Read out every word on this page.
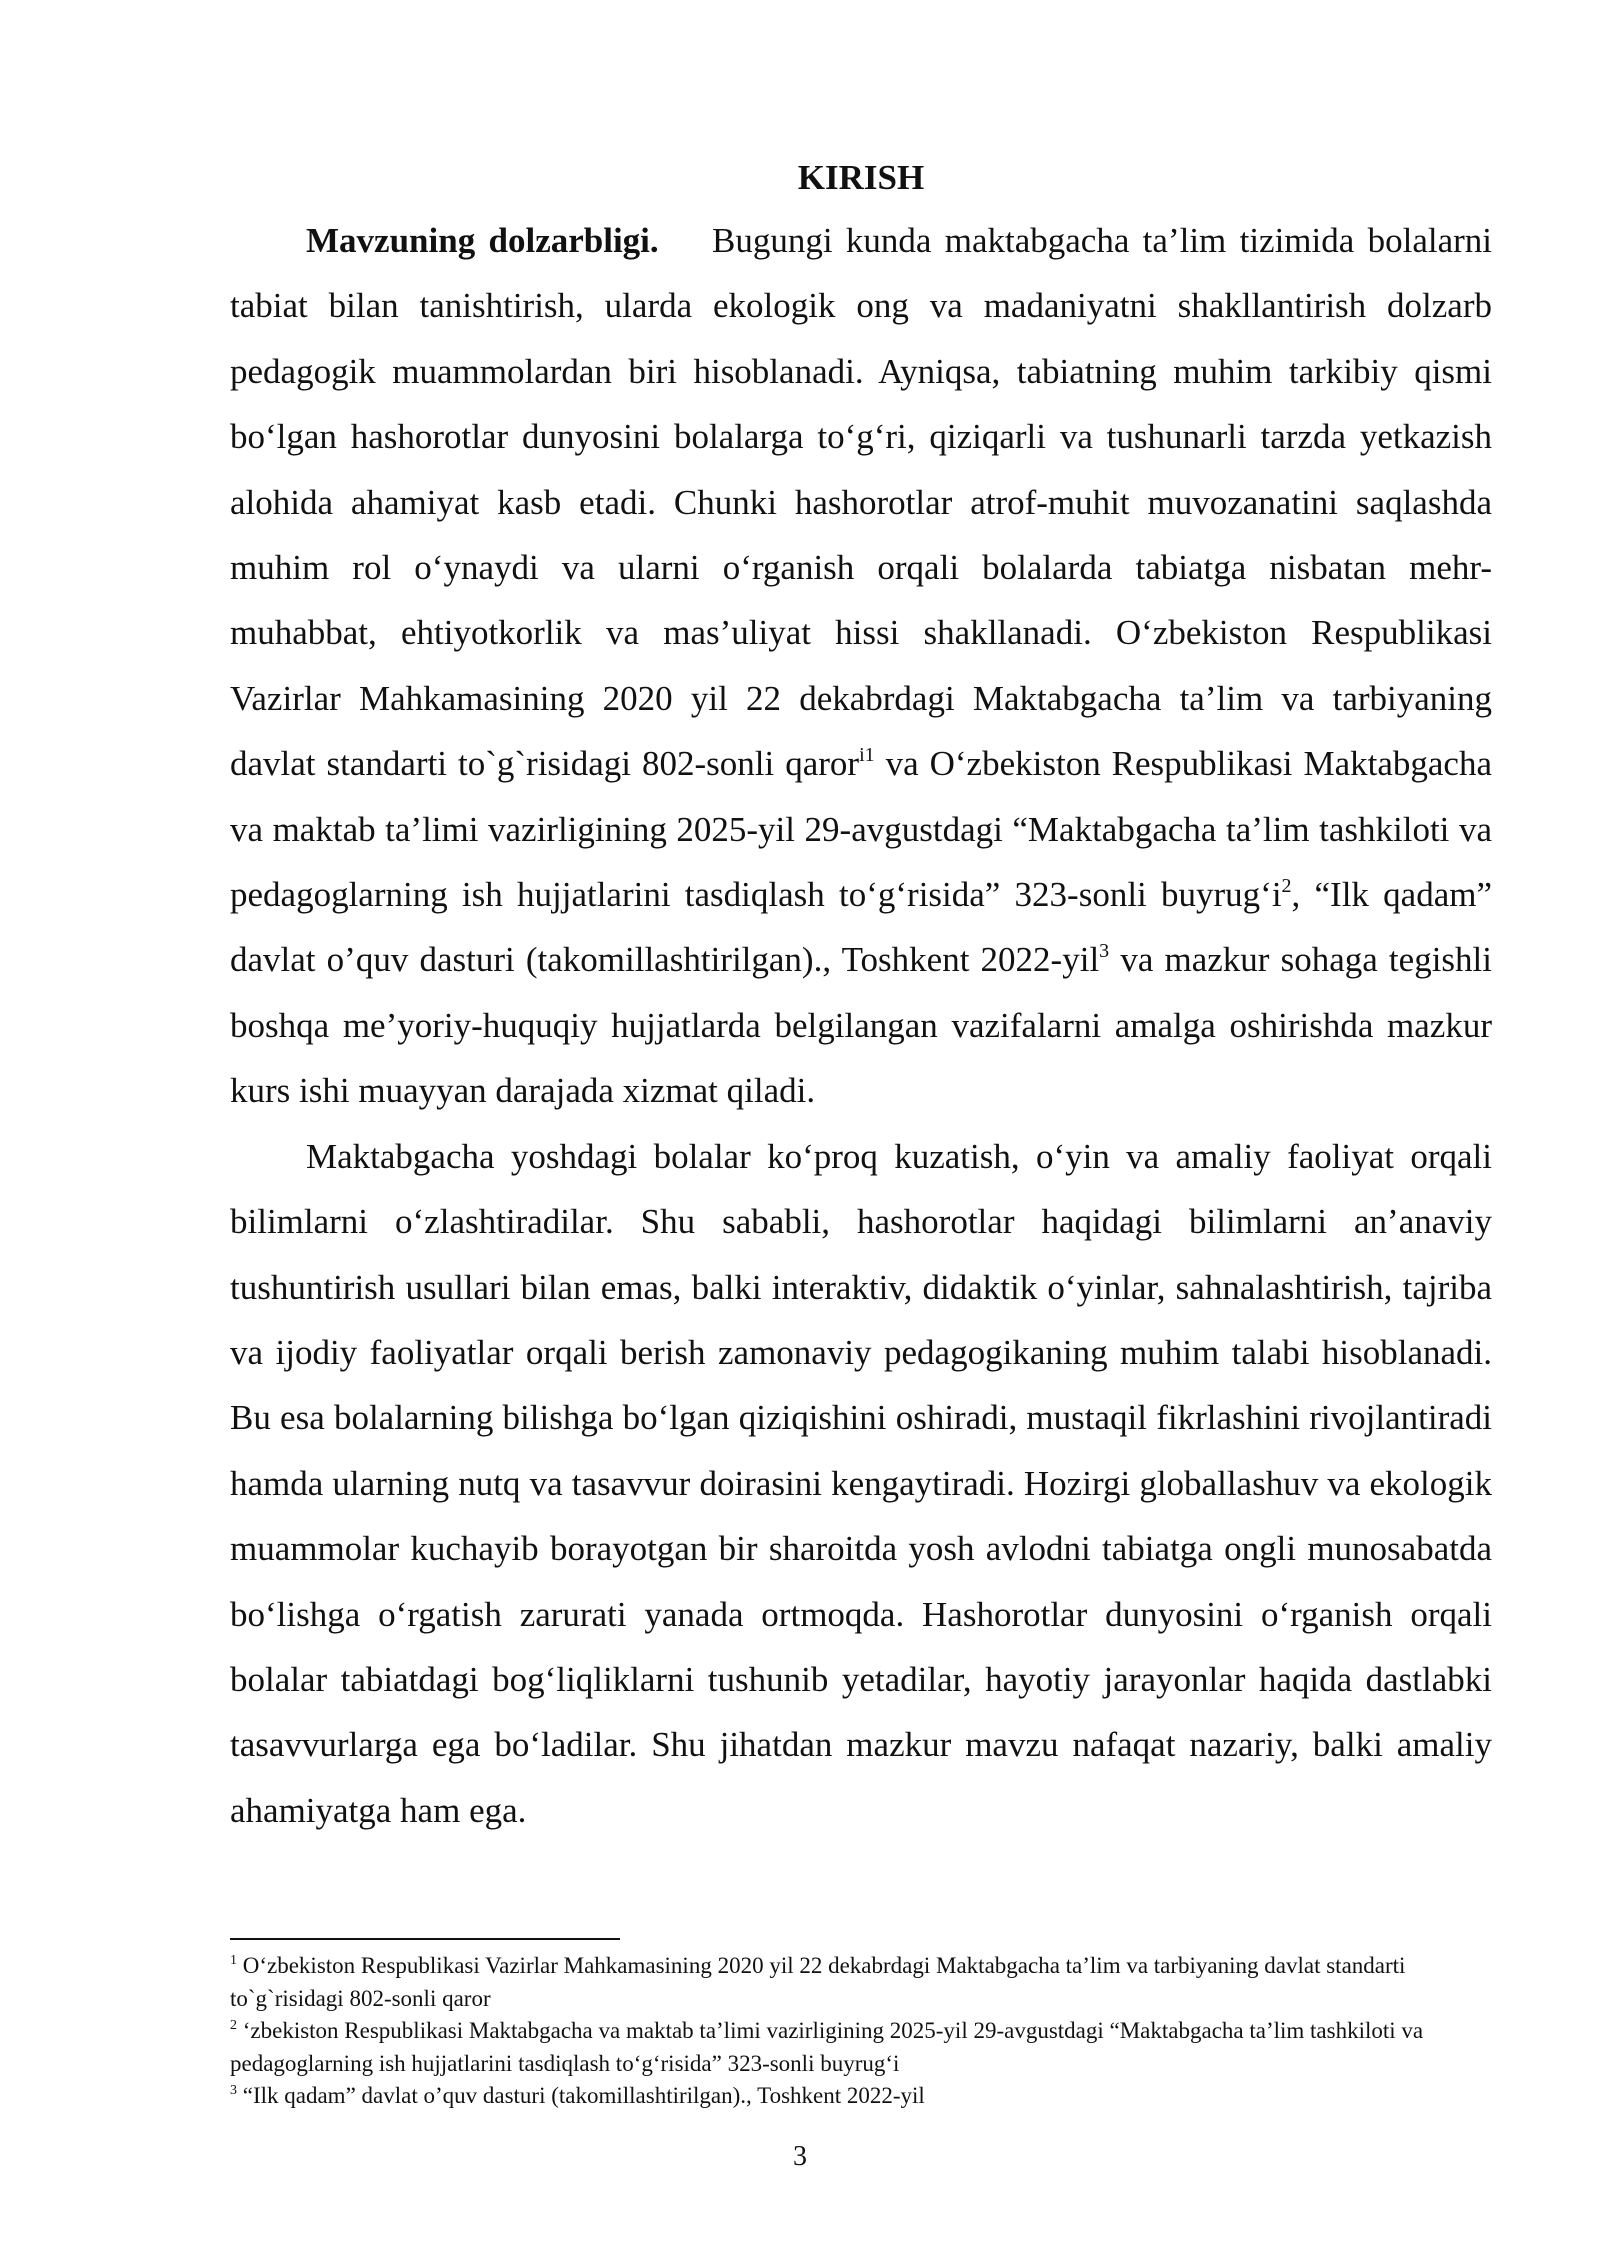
KIRISH

Mavzuning dolzarbligi. Bugungi kunda maktabgacha ta’lim tizimida bolalarni tabiat bilan tanishtirish, ularda ekologik ong va madaniyatni shakllantirish dolzarb pedagogik muammolardan biri hisoblanadi. Ayniqsa, tabiatning muhim tarkibiy qismi bo‘lgan hashorotlar dunyosini bolalarga to‘g‘ri, qiziqarli va tushunarli tarzda yetkazish alohida ahamiyat kasb etadi. Chunki hashorotlar atrof-muhit muvozanatini saqlashda muhim rol o‘ynaydi va ularni o‘rganish orqali bolalarda tabiatga nisbatan mehr-muhabbat, ehtiyotkorlik va mas’uliyat hissi shakllanadi. O‘zbekiston Respublikasi Vazirlar Mahkamasining 2020 yil 22 dekabrdagi Maktabgacha ta’lim va tarbiyaning davlat standarti to`g`risidagi 802-sonli qaror$^{i1}$ va O‘zbekiston Respublikasi Maktabgacha va maktab ta’limi vazirligining 2025-yil 29-avgustdagi “Maktabgacha ta’lim tashkiloti va pedagoglarning ish hujjatlarini tasdiqlash to‘g‘risida” 323-sonli $buyrug‘i^2$, “Ilk qadam” davlat o’quv dasturi (takomillashtirilgan)., Toshkent 2022-yil$^3$ va mazkur sohaga tegishli boshqa me’yoriy-huquqiy hujjatlarda belgilangan vazifalarni amalga oshirishda mazkur kurs ishi muayyan darajada xizmat qiladi.

Maktabgacha yoshdagi bolalar ko‘proq kuzatish, o‘yin va amaliy faoliyat orqali bilimlarni o‘zlashtiradilar. Shu sababli, hashorotlar haqidagi bilimlarni an’anaviy tushuntirish usullari bilan emas, balki interaktiv, didaktik o‘yinlar, sahnalashtirish, tajriba va ijodiy faoliyatlar orqali berish zamonaviy pedagogikaning muhim talabi hisoblanadi. Bu esa bolalarning bilishga bo‘lgan qiziqishini oshiradi, mustaqil fikrlashini rivojlantiradi hamda ularning nutq va tasavvur doirasini kengaytiradi. Hozirgi globallashuv va ekologik muammolar kuchayib borayotgan bir sharoitda yosh avlodni tabiatga ongli munosabatda bo‘lishga o‘rgatish zarurati yanada ortmoqda. Hashorotlar dunyosini o‘rganish orqali bolalar tabiatdagi bog‘liqliklarni tushunib yetadilar, hayotiy jarayonlar haqida dastlabki tasavvurlarga ega bo‘ladilar. Shu jihatdan mazkur mavzu nafaqat nazariy, balki amaliy ahamiyatga ham ega.

$^1$ O‘zbekiston Respublikasi Vazirlar Mahkamasining 2020 yil 22 dekabrdagi Maktabgacha ta’lim va tarbiyaning davlat standarti to`g`risidagi 802-sonli qaror

$^2$ ‘zbekiston Respublikasi Maktabgacha va maktab ta’limi vazirligining 2025-yil 29-avgustdagi “Maktabgacha ta’lim tashkiloti va pedagoglarning ish hujjatlarini tasdiqlash to‘g‘risida” 323-sonli buyrug‘i

$^3$ “Ilk qadam” davlat o’quv dasturi (takomillashtirilgan)., Toshkent 2022-yil

3
